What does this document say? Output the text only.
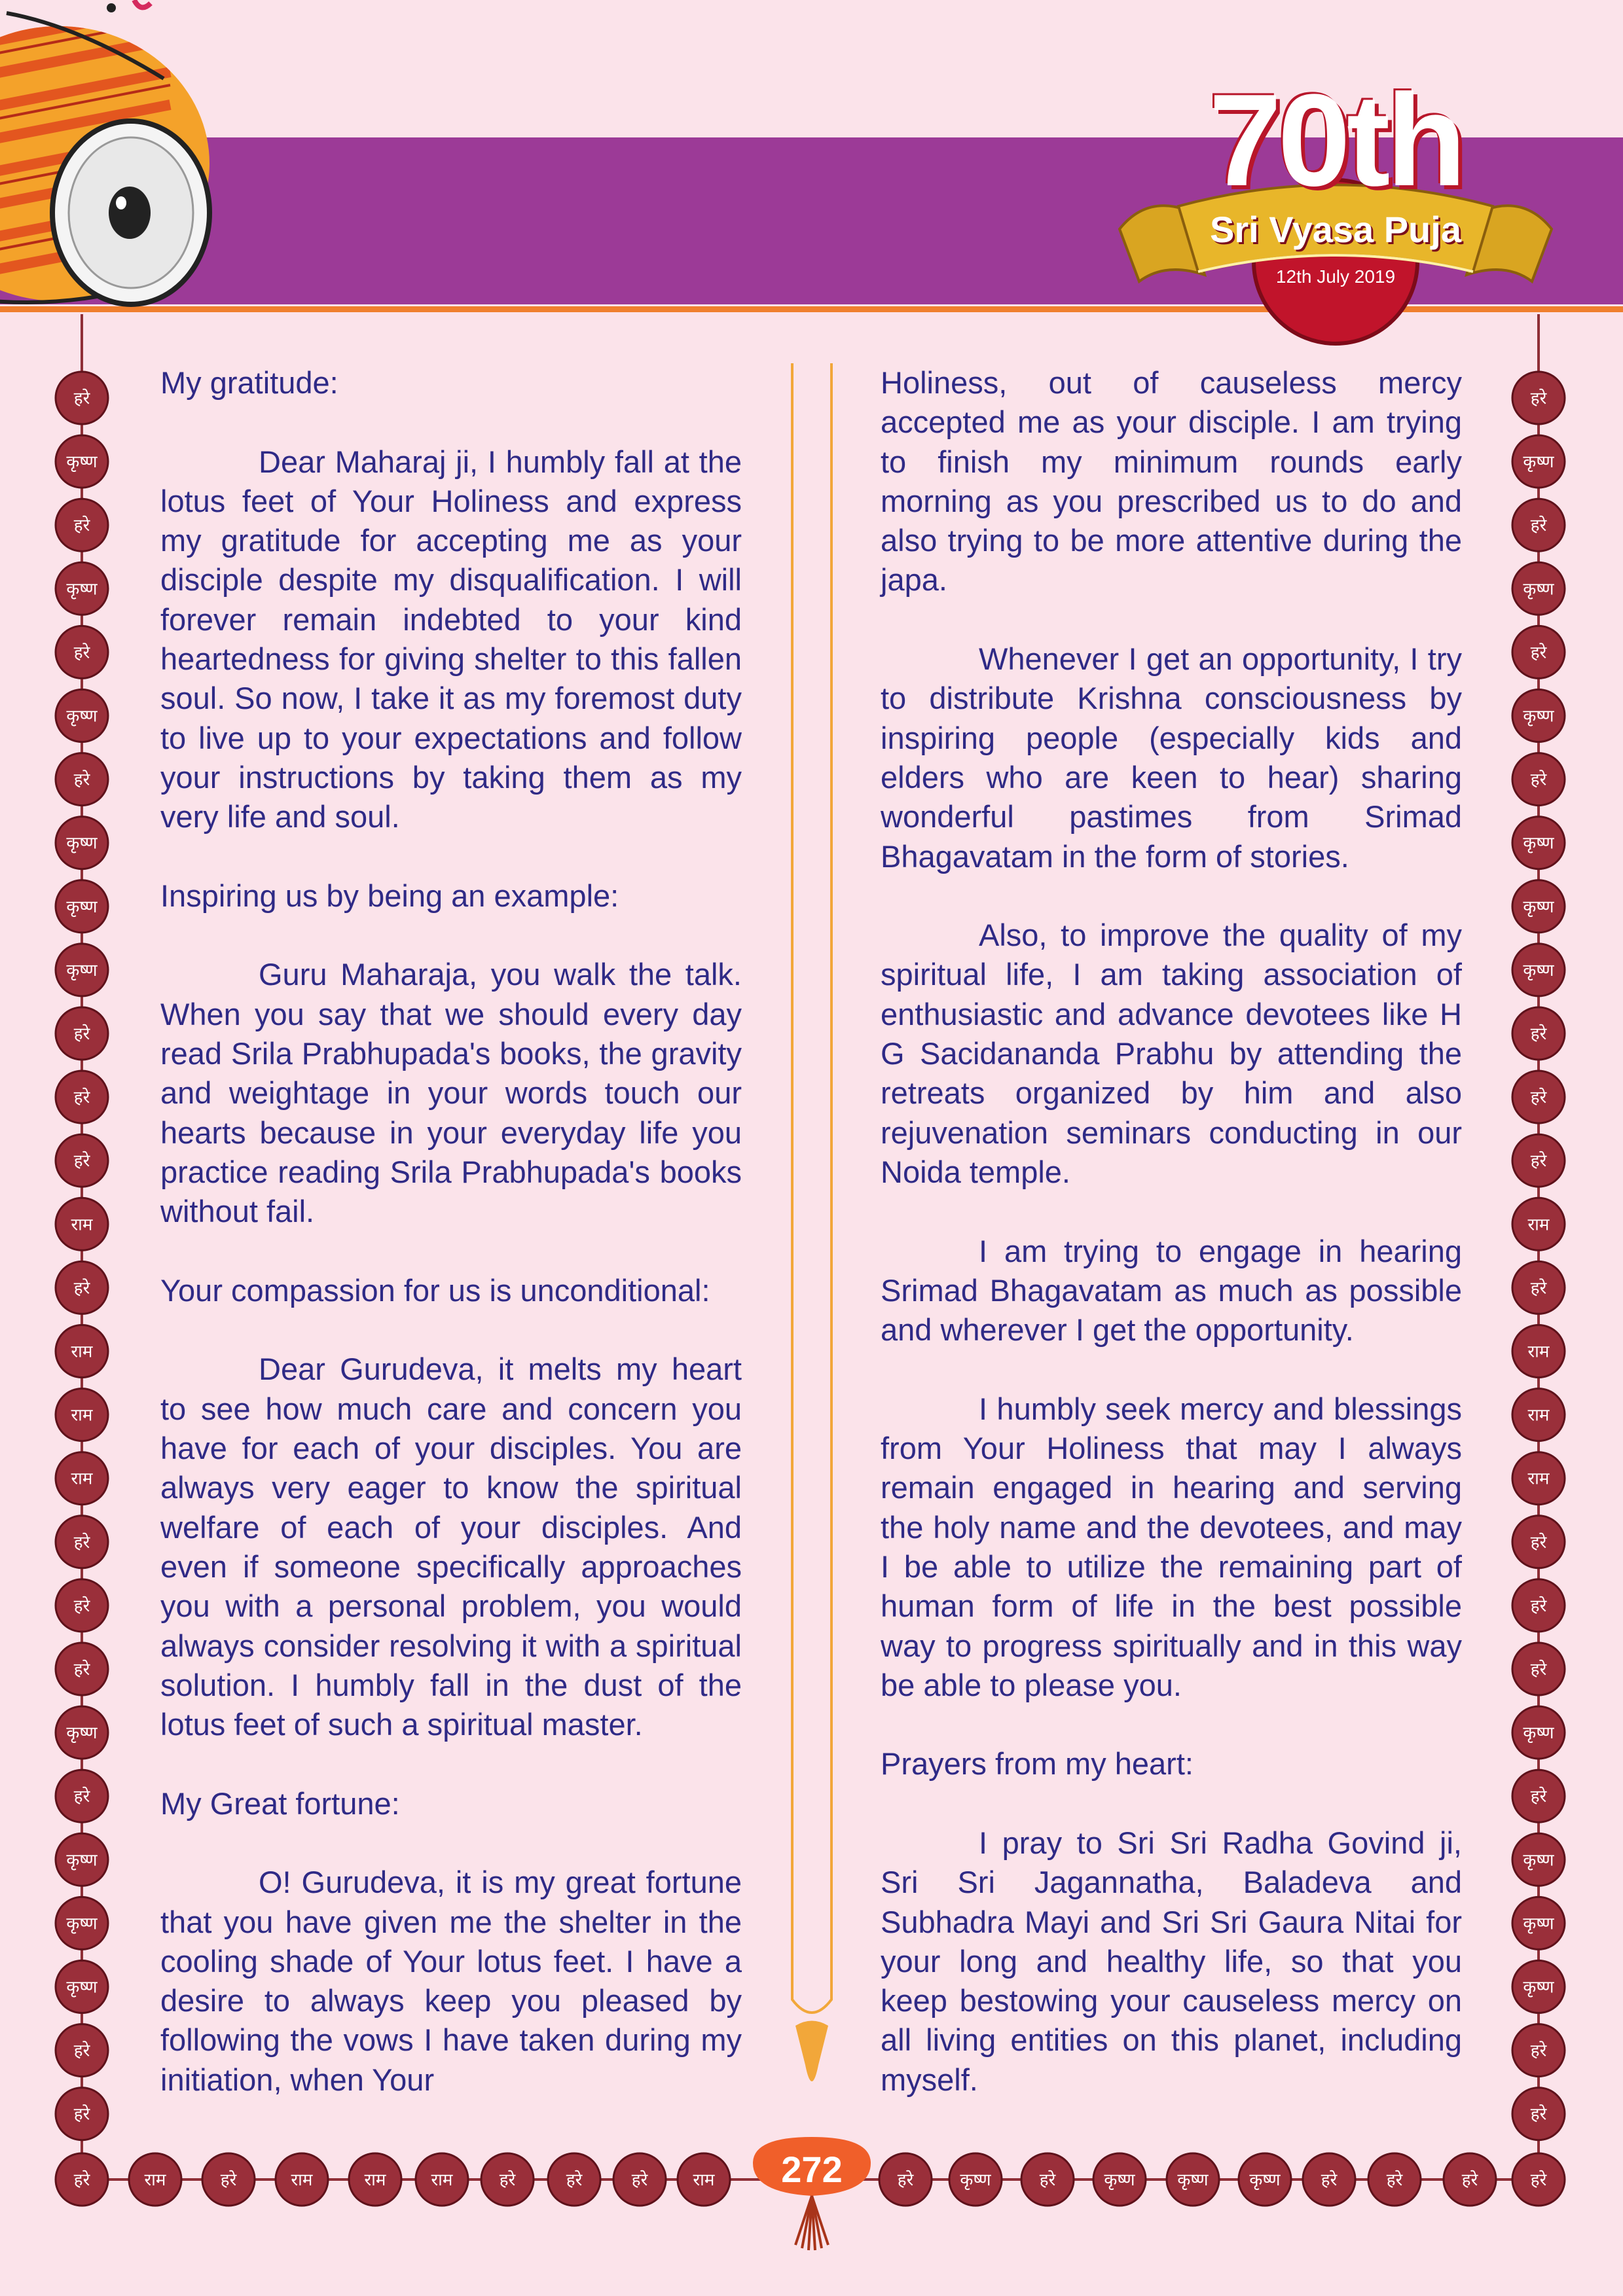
70th
Sri Vyasa Puja
12th July 2019
हरे
कृष्ण
हरे
कृष्ण
हरे
कृष्ण
हरे
कृष्ण
कृष्ण
कृष्ण
हरे
हरे
हरे
राम
हरे
राम
राम
राम
हरे
हरे
हरे
कृष्ण
हरे
कृष्ण
कृष्ण
कृष्ण
हरे
हरे
हरे
कृष्ण
हरे
कृष्ण
हरे
कृष्ण
हरे
कृष्ण
कृष्ण
कृष्ण
हरे
हरे
हरे
राम
हरे
राम
राम
राम
हरे
हरे
हरे
कृष्ण
हरे
कृष्ण
कृष्ण
कृष्ण
हरे
हरे
हरे	राम	हरे	राम	राम	राम	हरे	हरे	हरे	राम	हरे	कृष्ण	हरे	कृष्ण कृष्ण कृष्ण हरे	हरे	हरे	हरे
272

My gratitude:

Dear Maharaj ji, I humbly fall at the lotus feet of Your Holiness and express my gratitude for accepting me as your disciple despite my disqualification. I will forever remain indebted to your kind heartedness for giving shelter to this fallen soul. So now, I take it as my foremost duty to live up to your expectations and follow your instructions by taking them as my very life and soul.

Inspiring us by being an example:

Guru Maharaja, you walk the talk. When you say that we should every day read Srila Prabhupada's books, the gravity and weightage in your words touch our hearts because in your everyday life you practice reading Srila Prabhupada's books without fail.

Your compassion for us is unconditional:

Dear Gurudeva, it melts my heart to see how much care and concern you have for each of your disciples. You are always very eager to know the spiritual welfare of each of your disciples. And even if someone specifically approaches you with a personal problem, you would always consider resolving it with a spiritual solution. I humbly fall in the dust of the lotus feet of such a spiritual master.

My Great fortune:

O! Gurudeva, it is my great fortune that you have given me the shelter in the cooling shade of Your lotus feet. I have a desire to always keep you pleased by following the vows I have taken during my initiation, when Your

Holiness, out of causeless mercy accepted me as your disciple. I am trying to finish my minimum rounds early morning as you prescribed us to do and also trying to be more attentive during the japa.

Whenever I get an opportunity, I try to distribute Krishna consciousness by inspiring people (especially kids and elders who are keen to hear) sharing wonderful pastimes from Srimad Bhagavatam in the form of stories.

Also, to improve the quality of my spiritual life, I am taking association of enthusiastic and advance devotees like H G Sacidananda Prabhu by attending the retreats organized by him and also rejuvenation seminars conducting in our Noida temple.

I am trying to engage in hearing Srimad Bhagavatam as much as possible and wherever I get the opportunity.

I humbly seek mercy and blessings from Your Holiness that may I always remain engaged in hearing and serving the holy name and the devotees, and may I be able to utilize the remaining part of human form of life in the best possible way to progress spiritually and in this way be able to please you.

Prayers from my heart:

I pray to Sri Sri Radha Govind ji, Sri Sri Jagannatha, Baladeva and Subhadra Mayi and Sri Sri Gaura Nitai for your long and healthy life, so that you keep bestowing your causeless mercy on all living entities on this planet, including myself.
